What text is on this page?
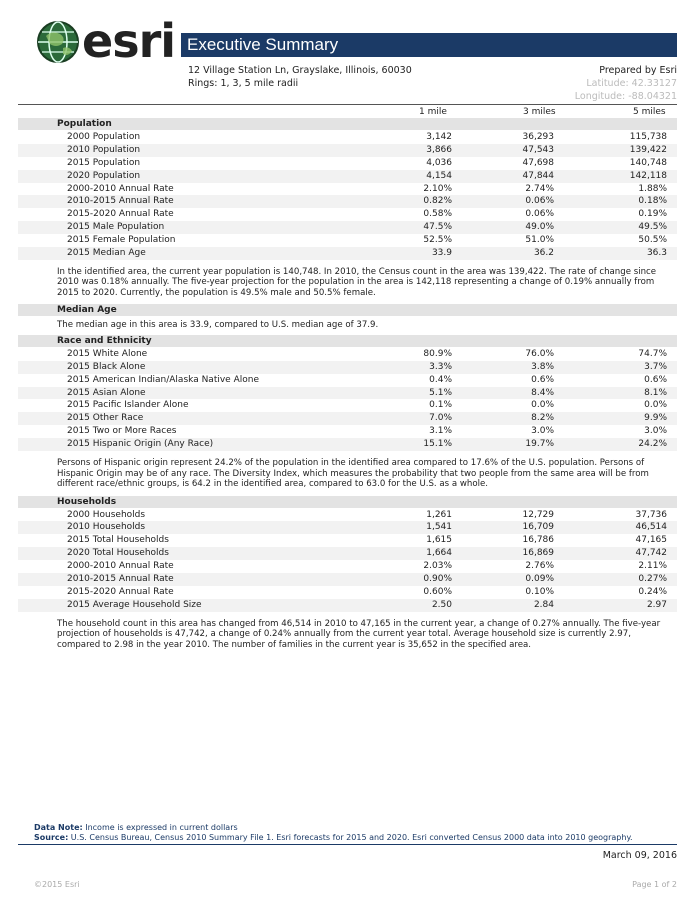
esri Executive Summary
12 Village Station Ln, Grayslake, Illinois, 60030
Rings: 1, 3, 5 mile radii
Prepared by Esri
Latitude: 42.33127
Longitude: -88.04321
1 mile	3 miles	5 miles
Population
2000 Population	3,142	36,293	115,738
2010 Population	3,866	47,543	139,422
2015 Population	4,036	47,698	140,748
2020 Population	4,154	47,844	142,118
2000-2010 Annual Rate	2.10%	2.74%	1.88%
2010-2015 Annual Rate	0.82%	0.06%	0.18%
2015-2020 Annual Rate	0.58%	0.06%	0.19%
2015 Male Population	47.5%	49.0%	49.5%
2015 Female Population	52.5%	51.0%	50.5%
2015 Median Age	33.9	36.2	36.3
In the identified area, the current year population is 140,748. In 2010, the Census count in the area was 139,422. The rate of change since 2010 was 0.18% annually. The five-year projection for the population in the area is 142,118 representing a change of 0.19% annually from 2015 to 2020. Currently, the population is 49.5% male and 50.5% female.
Median Age
The median age in this area is 33.9, compared to U.S. median age of 37.9.
Race and Ethnicity
2015 White Alone	80.9%	76.0%	74.7%
2015 Black Alone	3.3%	3.8%	3.7%
2015 American Indian/Alaska Native Alone	0.4%	0.6%	0.6%
2015 Asian Alone	5.1%	8.4%	8.1%
2015 Pacific Islander Alone	0.1%	0.0%	0.0%
2015 Other Race	7.0%	8.2%	9.9%
2015 Two or More Races	3.1%	3.0%	3.0%
2015 Hispanic Origin (Any Race)	15.1%	19.7%	24.2%
Persons of Hispanic origin represent 24.2% of the population in the identified area compared to 17.6% of the U.S. population. Persons of Hispanic Origin may be of any race. The Diversity Index, which measures the probability that two people from the same area will be from different race/ethnic groups, is 64.2 in the identified area, compared to 63.0 for the U.S. as a whole.
Households
2000 Households	1,261	12,729	37,736
2010 Households	1,541	16,709	46,514
2015 Total Households	1,615	16,786	47,165
2020 Total Households	1,664	16,869	47,742
2000-2010 Annual Rate	2.03%	2.76%	2.11%
2010-2015 Annual Rate	0.90%	0.09%	0.27%
2015-2020 Annual Rate	0.60%	0.10%	0.24%
2015 Average Household Size	2.50	2.84	2.97
The household count in this area has changed from 46,514 in 2010 to 47,165 in the current year, a change of 0.27% annually. The five-year projection of households is 47,742, a change of 0.24% annually from the current year total. Average household size is currently 2.97, compared to 2.98 in the year 2010. The number of families in the current year is 35,652 in the specified area.
Data Note: Income is expressed in current dollars
Source: U.S. Census Bureau, Census 2010 Summary File 1. Esri forecasts for 2015 and 2020. Esri converted Census 2000 data into 2010 geography.
March 09, 2016
©2015 Esri	Page 1 of 2
